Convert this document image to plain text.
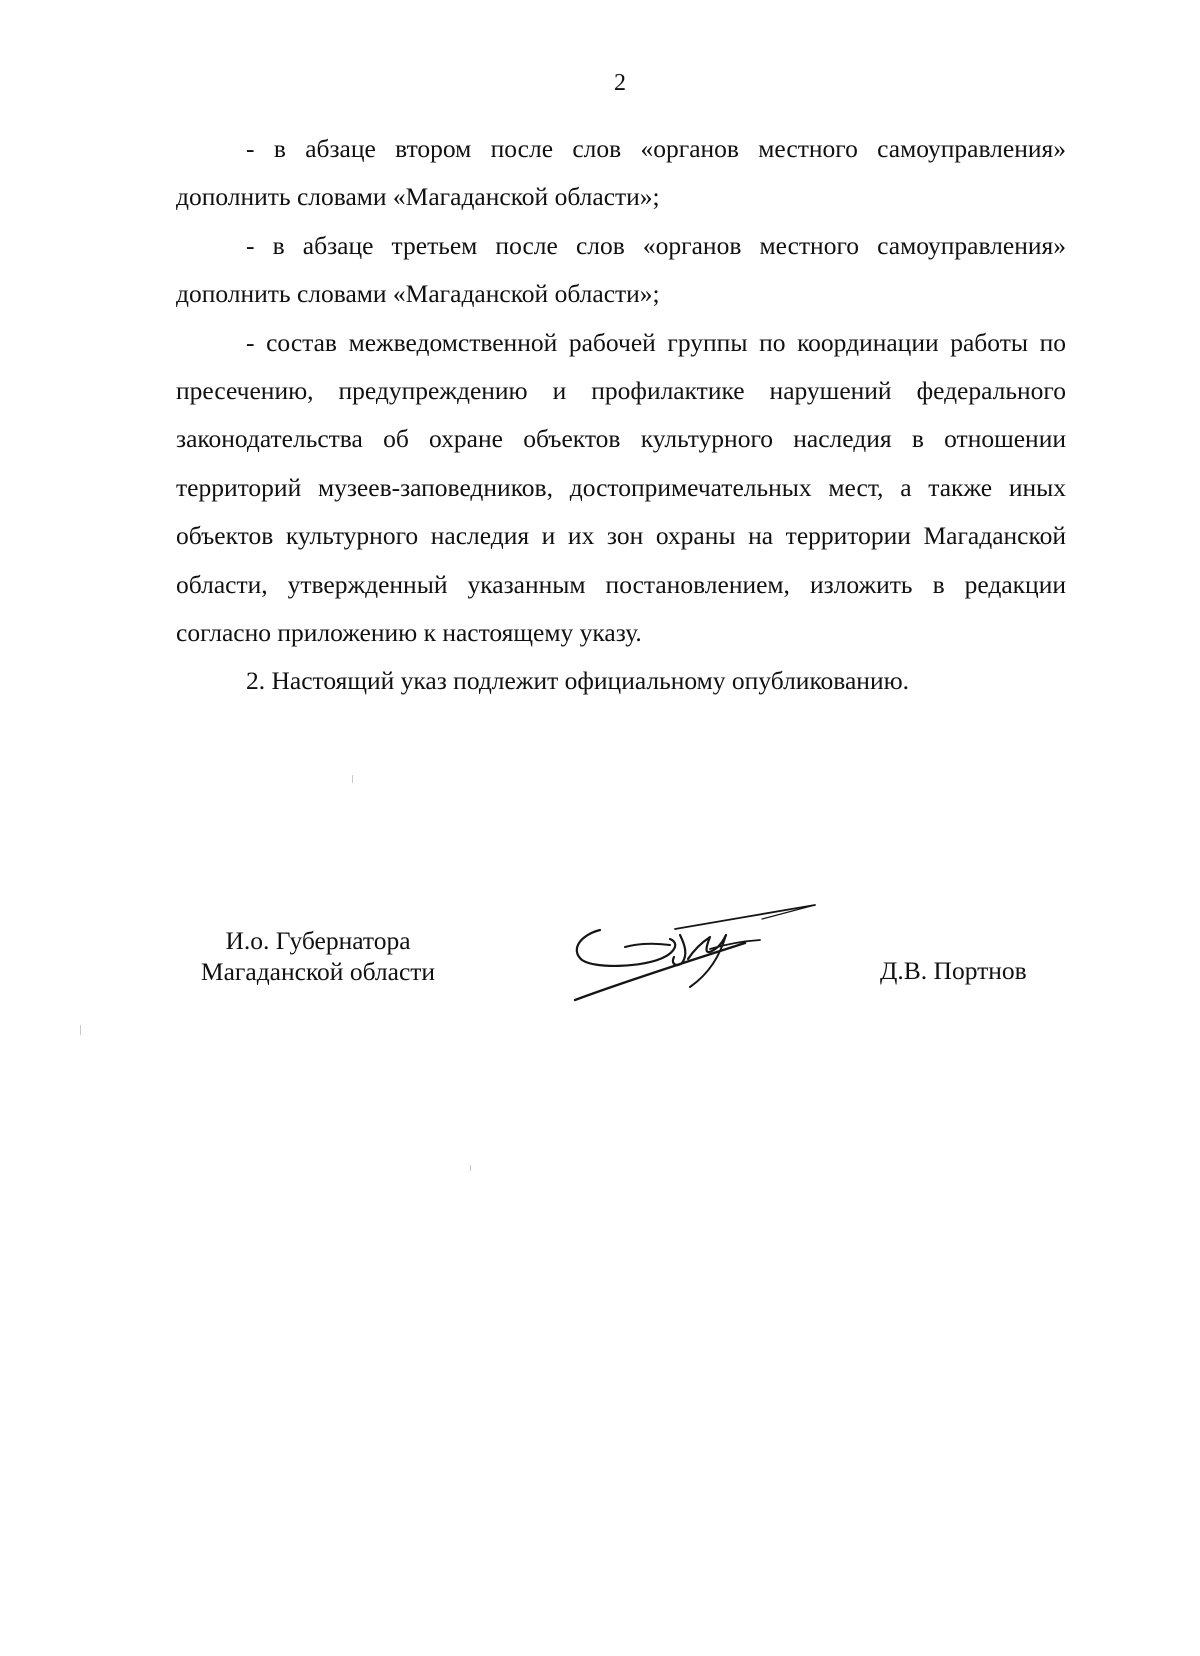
2

- в абзаце втором после слов «органов местного самоуправления» дополнить словами «Магаданской области»;

- в абзаце третьем после слов «органов местного самоуправления» дополнить словами «Магаданской области»;

- состав межведомственной рабочей группы по координации работы по пресечению, предупреждению и профилактике нарушений федерального законодательства об охране объектов культурного наследия в отношении территорий музеев-заповедников, достопримечательных мест, а также иных объектов культурного наследия и их зон охраны на территории Магаданской области, утвержденный указанным постановлением, изложить в редакции согласно приложению к настоящему указу.

2. Настоящий указ подлежит официальному опубликованию.

И.о. Губернатора
Магаданской области	Д.В. Портнов
